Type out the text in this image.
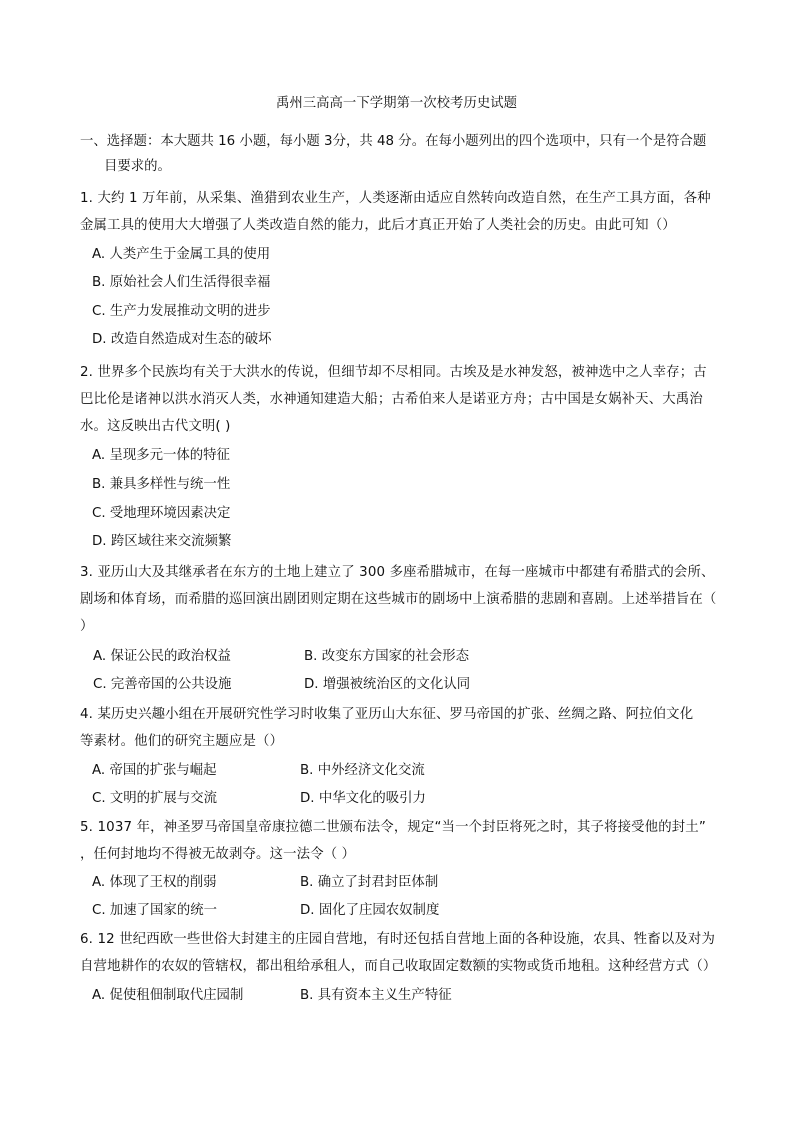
禹州三高高一下学期第一次校考历史试题
一、选择题：本大题共 16 小题，每小题 3分，共 48 分。在每小题列出的四个选项中，只有一个是符合题
目要求的。
1. 大约 1 万年前，从采集、渔猎到农业生产，人类逐渐由适应自然转向改造自然，在生产工具方面，各种
金属工具的使用大大增强了人类改造自然的能力，此后才真正开始了人类社会的历史。由此可知（）
A. 人类产生于金属工具的使用
B. 原始社会人们生活得很幸福
C. 生产力发展推动文明的进步
D. 改造自然造成对生态的破坏
2. 世界多个民族均有关于大洪水的传说，但细节却不尽相同。古埃及是水神发怒，被神选中之人幸存；古
巴比伦是诸神以洪水消灭人类，水神通知建造大船；古希伯来人是诺亚方舟；古中国是女娲补天、大禹治
水。这反映出古代文明( )
A. 呈现多元一体的特征
B. 兼具多样性与统一性
C. 受地理环境因素决定
D. 跨区域往来交流频繁
3. 亚历山大及其继承者在东方的土地上建立了 300 多座希腊城市，在每一座城市中都建有希腊式的会所、
剧场和体育场，而希腊的巡回演出剧团则定期在这些城市的剧场中上演希腊的悲剧和喜剧。上述举措旨在（
）
A. 保证公民的政治权益	B. 改变东方国家的社会形态
C. 完善帝国的公共设施	D. 增强被统治区的文化认同
4. 某历史兴趣小组在开展研究性学习时收集了亚历山大东征、罗马帝国的扩张、丝绸之路、阿拉伯文化
等素材。他们的研究主题应是（）
A. 帝国的扩张与崛起	B. 中外经济文化交流
C. 文明的扩展与交流	D. 中华文化的吸引力
5. 1037 年，神圣罗马帝国皇帝康拉德二世颁布法令，规定“当一个封臣将死之时，其子将接受他的封土”
，任何封地均不得被无故剥夺。这一法令（ ）
A. 体现了王权的削弱	B. 确立了封君封臣体制
C. 加速了国家的统一	D. 固化了庄园农奴制度
6. 12 世纪西欧一些世俗大封建主的庄园自营地，有时还包括自营地上面的各种设施，农具、牲畜以及对为
自营地耕作的农奴的管辖权，都出租给承租人，而自己收取固定数额的实物或货币地租。这种经营方式（）
A. 促使租佃制取代庄园制	B. 具有资本主义生产特征
